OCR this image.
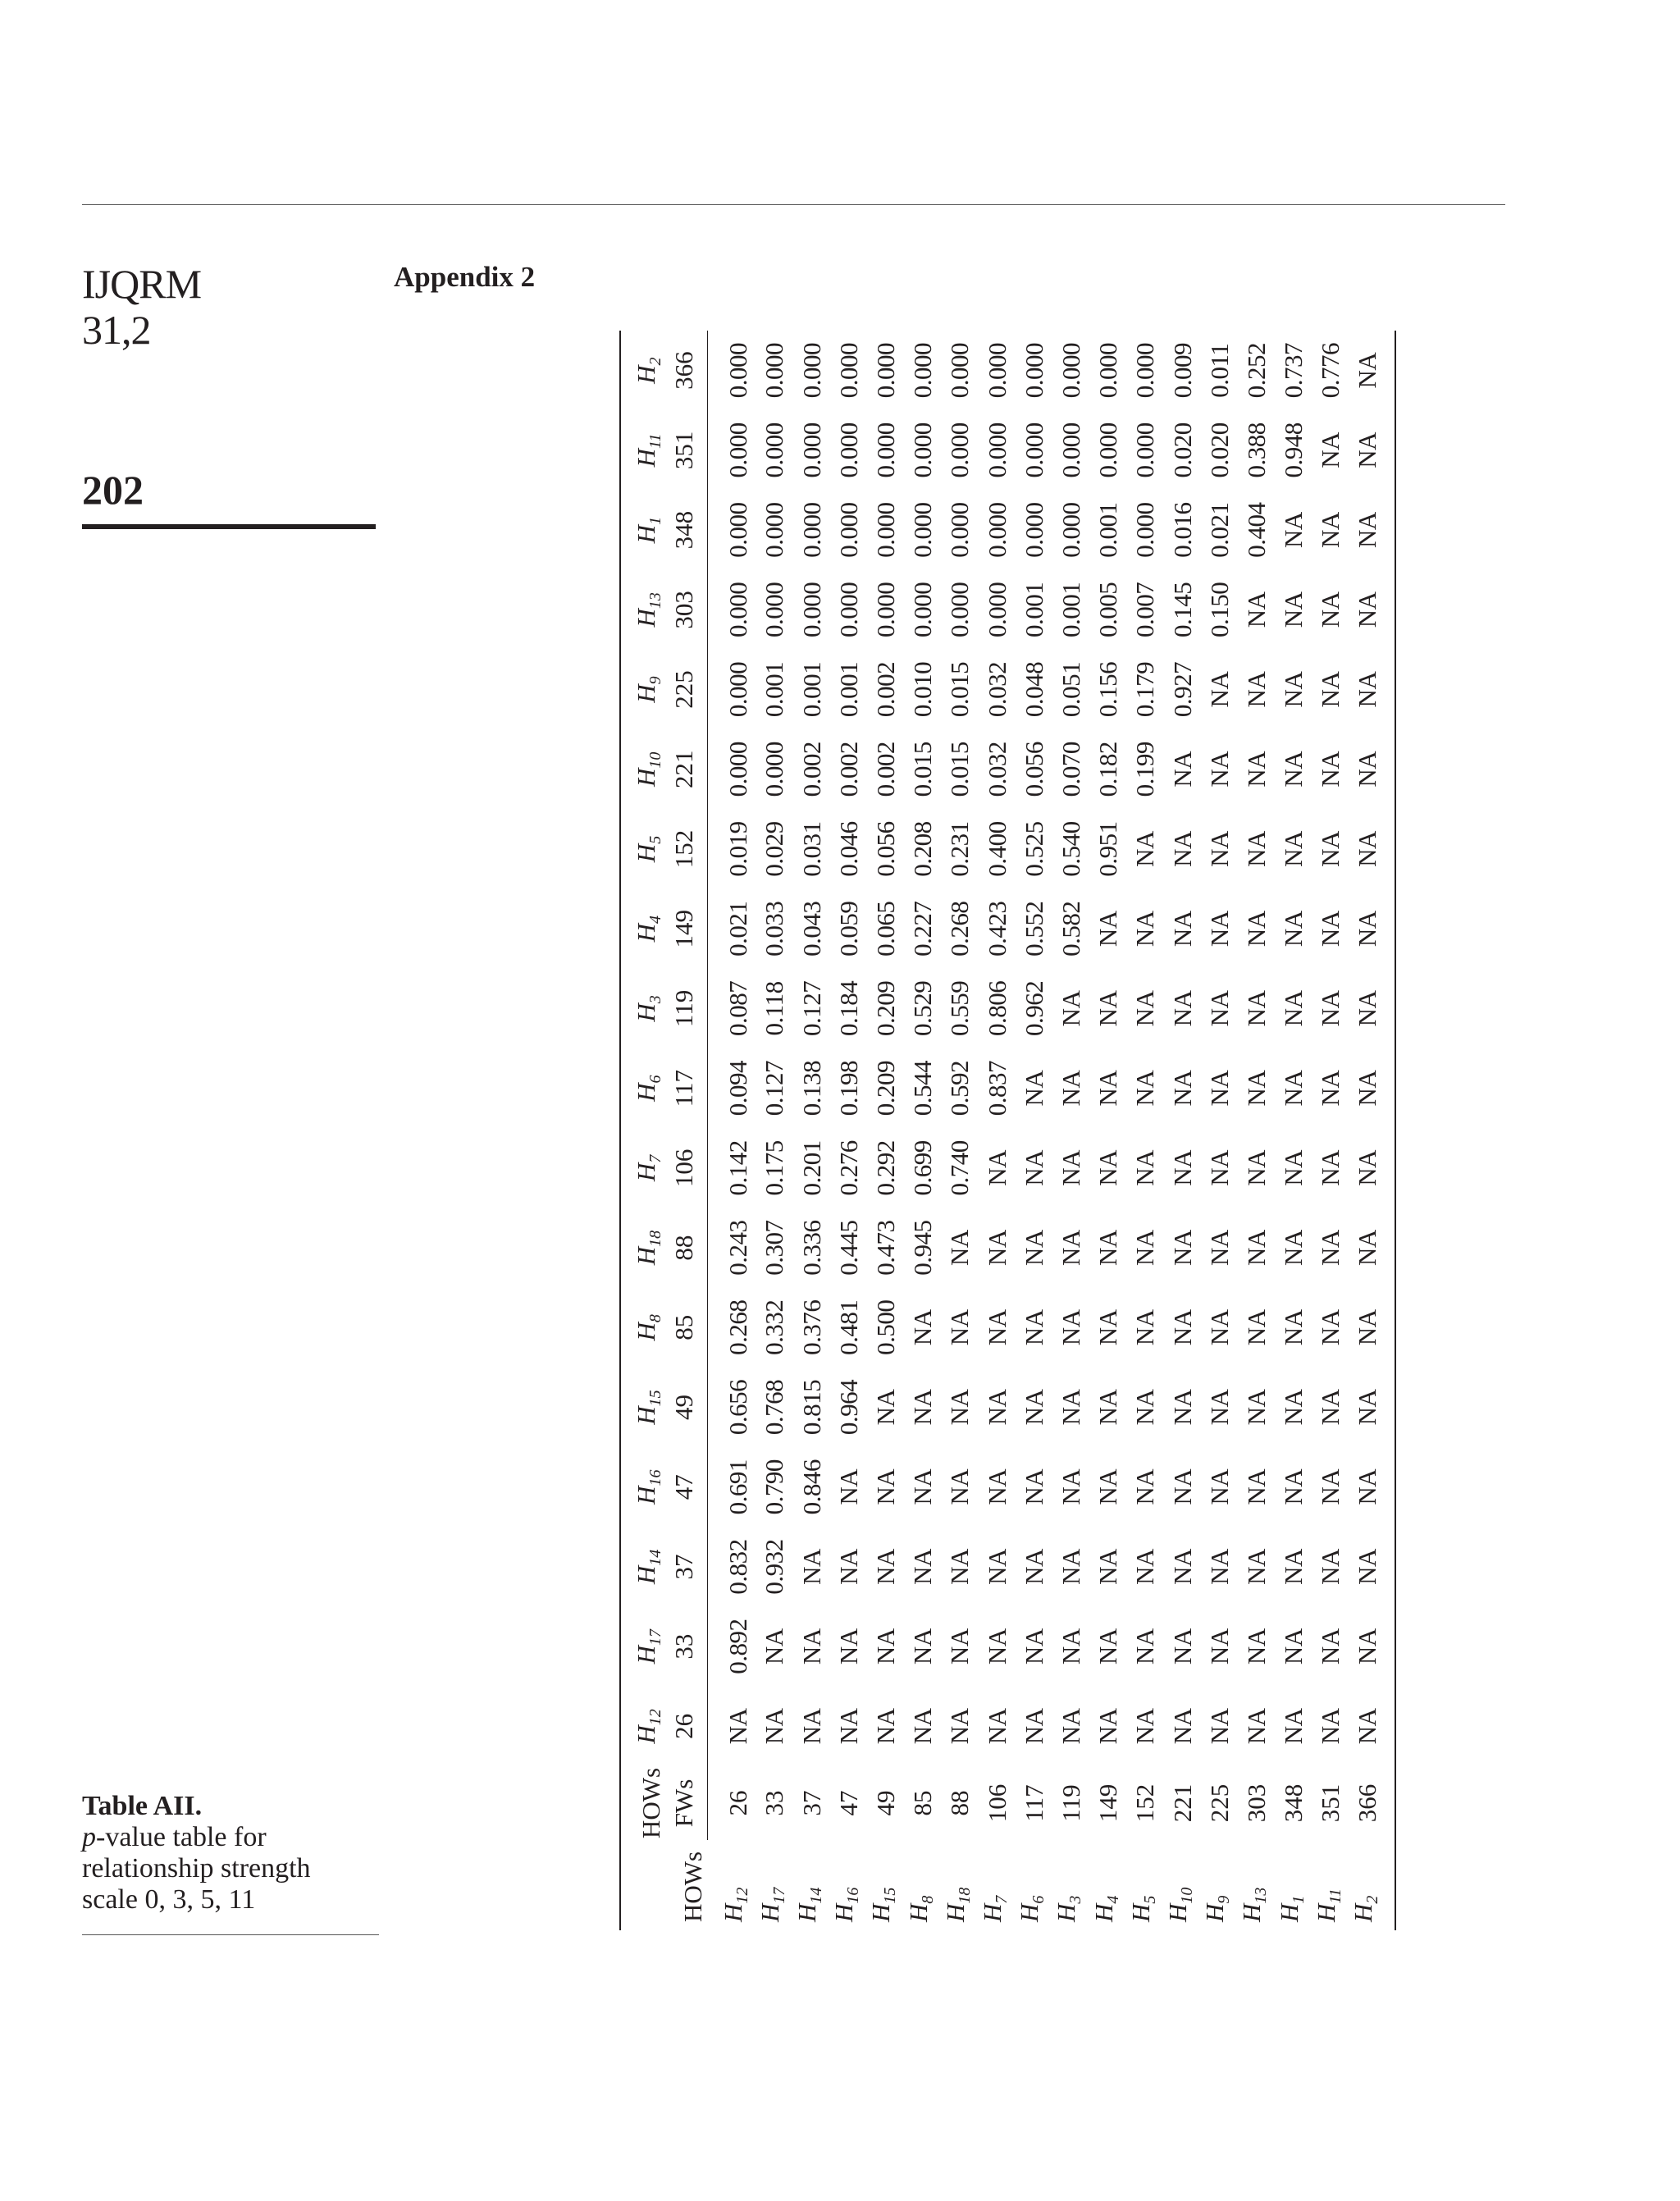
IJQRM
31,2
202
Appendix 2
Table AII.
p-value table for
relationship strength
scale 0, 3, 5, 11	HOWs	HOWs	$H_{12}$	$H_{17}$	$H_{14}$	$H_{16}$	$H_{15}$	$H_8$	$H_{18}$	$H_7$	$H_6$	$H_3$	$H_4$	$H_5$	$H_{10}$	$H_9$	$H_{13}$	$H_1$	$H_{11}$	$H_2$
	FWs	26	33	37	47	49	85	88	106	117	119	149	152	221	225	303	348	351	366
$H_{12}$	26	NA	0.892	0.832	0.691	0.656	0.268	0.243	0.142	0.094	0.087	0.021	0.019	0.000	0.000	0.000	0.000	0.000	0.000
$H_{17}$	33	NA	NA	0.932	0.790	0.768	0.332	0.307	0.175	0.127	0.118	0.033	0.029	0.000	0.001	0.000	0.000	0.000	0.000
$H_{14}$	37	NA	NA	NA	0.846	0.815	0.376	0.336	0.201	0.138	0.127	0.043	0.031	0.002	0.001	0.000	0.000	0.000	0.000
$H_{16}$	47	NA	NA	NA	NA	0.964	0.481	0.445	0.276	0.198	0.184	0.059	0.046	0.002	0.001	0.000	0.000	0.000	0.000
$H_{15}$	49	NA	NA	NA	NA	NA	0.500	0.473	0.292	0.209	0.209	0.065	0.056	0.002	0.002	0.000	0.000	0.000	0.000
$H_8$	85	NA	NA	NA	NA	NA	NA	0.945	0.699	0.544	0.529	0.227	0.208	0.015	0.010	0.000	0.000	0.000	0.000
$H_{18}$	88	NA	NA	NA	NA	NA	NA	NA	0.740	0.592	0.559	0.268	0.231	0.015	0.015	0.000	0.000	0.000	0.000
$H_7$	106	NA	NA	NA	NA	NA	NA	NA	NA	0.837	0.806	0.423	0.400	0.032	0.032	0.000	0.000	0.000	0.000
$H_6$	117	NA	NA	NA	NA	NA	NA	NA	NA	NA	0.962	0.552	0.525	0.056	0.048	0.001	0.000	0.000	0.000
$H_3$	119	NA	NA	NA	NA	NA	NA	NA	NA	NA	NA	0.582	0.540	0.070	0.051	0.001	0.000	0.000	0.000
$H_4$	149	NA	NA	NA	NA	NA	NA	NA	NA	NA	NA	NA	0.951	0.182	0.156	0.005	0.001	0.000	0.000
$H_5$	152	NA	NA	NA	NA	NA	NA	NA	NA	NA	NA	NA	NA	0.199	0.179	0.007	0.000	0.000	0.000
$H_{10}$	221	NA	NA	NA	NA	NA	NA	NA	NA	NA	NA	NA	NA	NA	0.927	0.145	0.016	0.020	0.009
$H_9$	225	NA	NA	NA	NA	NA	NA	NA	NA	NA	NA	NA	NA	NA	NA	0.150	0.021	0.020	0.011
$H_{13}$	303	NA	NA	NA	NA	NA	NA	NA	NA	NA	NA	NA	NA	NA	NA	NA	0.404	0.388	0.252
$H_1$	348	NA	NA	NA	NA	NA	NA	NA	NA	NA	NA	NA	NA	NA	NA	NA	NA	0.948	0.737
$H_{11}$	351	NA	NA	NA	NA	NA	NA	NA	NA	NA	NA	NA	NA	NA	NA	NA	NA	NA	0.776
$H_2$	366	NA	NA	NA	NA	NA	NA	NA	NA	NA	NA	NA	NA	NA	NA	NA	NA	NA	NA
